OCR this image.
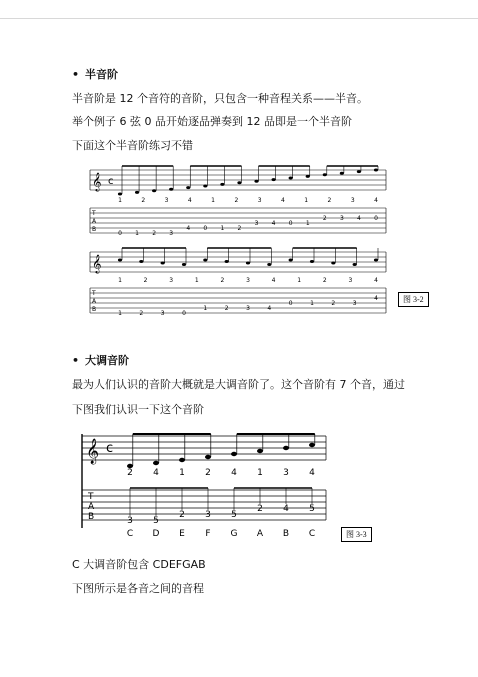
• 半音阶
半音阶是 12 个音符的音阶，只包含一种音程关系——半音。
举个例子 6 弦 0 品开始逐品弹奏到 12 品即是一个半音阶
下面这个半音阶练习不错
𝄞 c
1	2	3	4	1	2	3	4	1	2	3	4
T
A
B
0 1 2 3
4 0 1 2
3 4 0 1
2 3 4 0
𝄞
1	2	3	1	2	3	4	1	2	3	4
T
A
B
1	2	3	0
1	2	3	4
0	1	2	3
4	图 3-2
• 大调音阶
最为人们认识的音阶大概就是大调音阶了。这个音阶有 7 个音，通过
下图我们认识一下这个音阶
𝄞 c
2 4 1 2 4 1 3 4
T
A
B	3 5
2 3 5
2 4 5
C D E F G A B C	图 3-3
C 大调音阶包含 CDEFGAB
下图所示是各音之间的音程
